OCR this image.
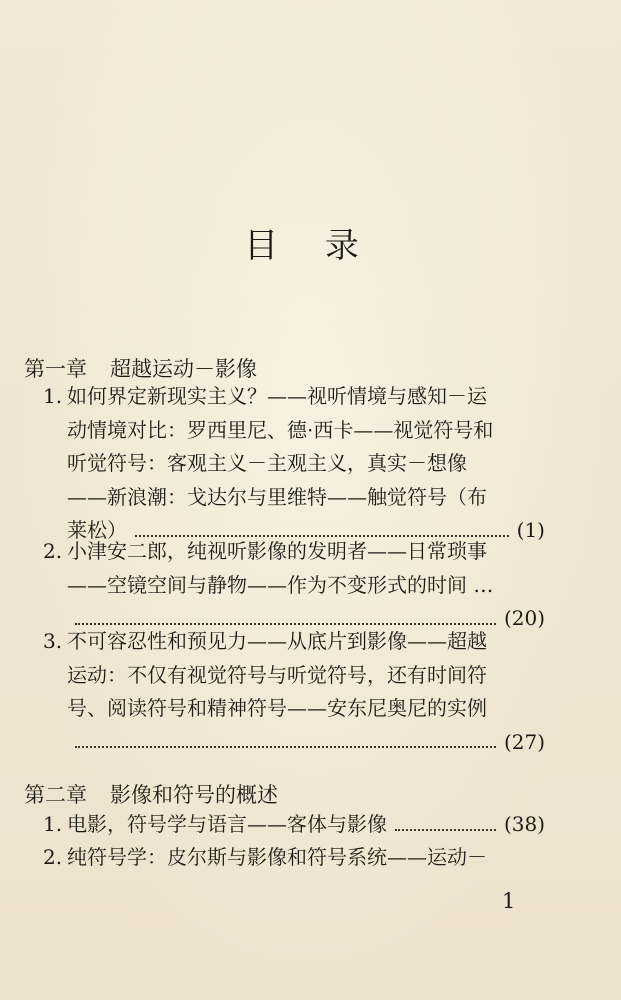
目 录
第一章 超越运动－影像
1. 如何界定新现实主义？——视听情境与感知－运
动情境对比：罗西里尼、德·西卡——视觉符号和
听觉符号：客观主义－主观主义，真实－想像
——新浪潮：戈达尔与里维特——触觉符号（布
莱松）	(1)
2. 小津安二郎，纯视听影像的发明者——日常琐事
——空镜空间与静物——作为不变形式的时间 …
(20)
3. 不可容忍性和预见力——从底片到影像——超越
运动：不仅有视觉符号与听觉符号，还有时间符
号、阅读符号和精神符号——安东尼奥尼的实例
(27)
第二章 影像和符号的概述
1. 电影，符号学与语言——客体与影像	(38)
2. 纯符号学：皮尔斯与影像和符号系统——运动－
1
